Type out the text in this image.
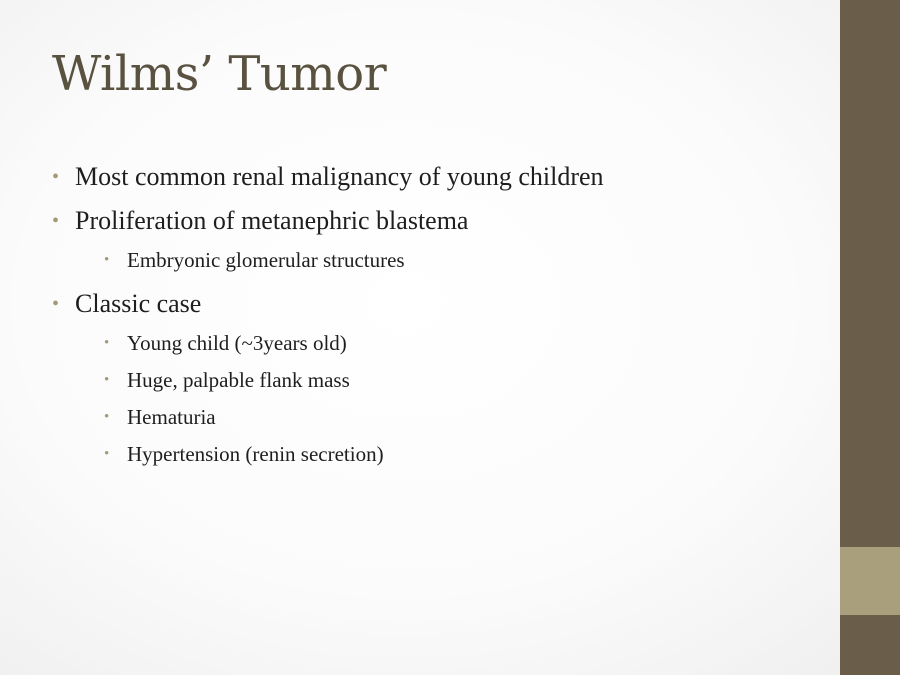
Wilms’ Tumor
• Most common renal malignancy of young children
• Proliferation of metanephric blastema
• Embryonic glomerular structures
• Classic case
• Young child (~3years old)
• Huge, palpable flank mass
• Hematuria
• Hypertension (renin secretion)
